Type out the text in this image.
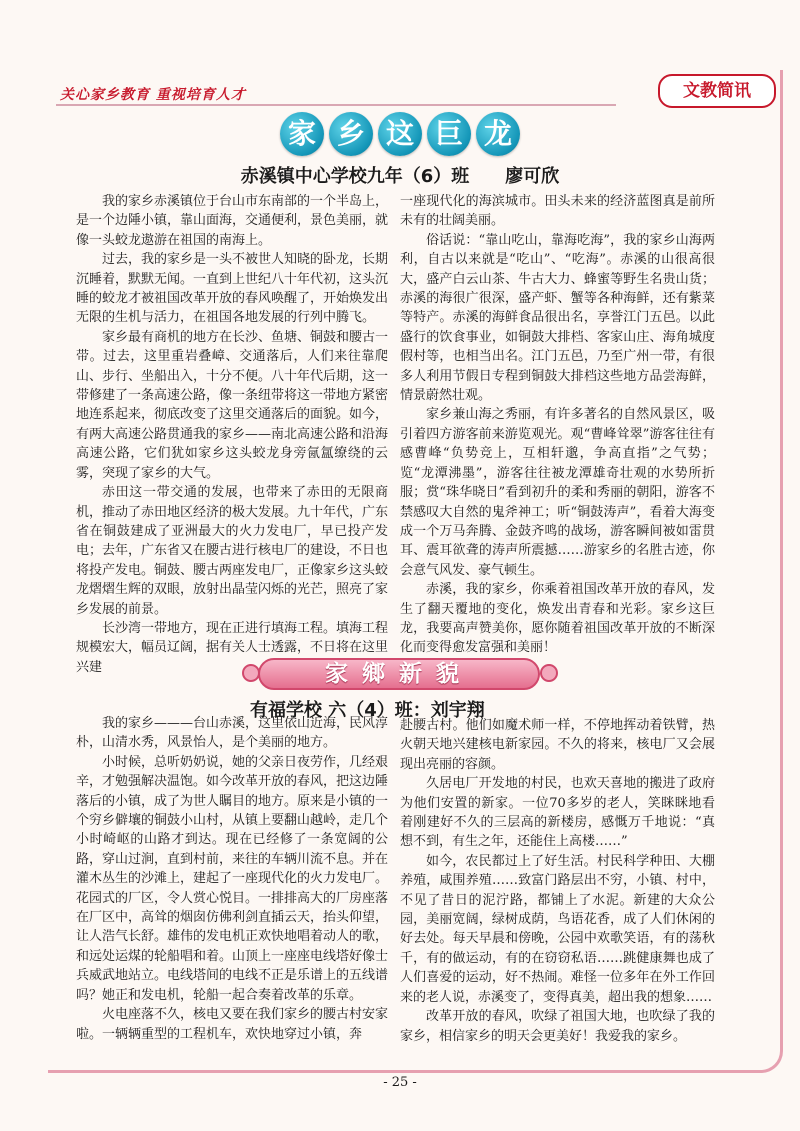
关心家乡教育 重视培育人才	文教简讯
家 乡 这 巨 龙
赤溪镇中心学校九年（6）班　　廖可欣

我的家乡赤溪镇位于台山市东南部的一个半岛上，是一个边陲小镇，靠山面海，交通便利，景色美丽，就像一头蛟龙遨游在祖国的南海上。

过去，我的家乡是一头不被世人知晓的卧龙，长期沉睡着，默默无闻。一直到上世纪八十年代初，这头沉睡的蛟龙才被祖国改革开放的春风唤醒了，开始焕发出无限的生机与活力，在祖国各地发展的行列中腾飞。

家乡最有商机的地方在长沙、鱼塘、铜鼓和腰古一带。过去，这里重岩叠嶂、交通落后，人们来往靠爬山、步行、坐船出入，十分不便。八十年代后期，这一带修建了一条高速公路，像一条纽带将这一带地方紧密地连系起来，彻底改变了这里交通落后的面貌。如今，有两大高速公路贯通我的家乡——南北高速公路和沿海高速公路，它们犹如家乡这头蛟龙身旁氤氲缭绕的云雾，突现了家乡的大气。

赤田这一带交通的发展，也带来了赤田的无限商机，推动了赤田地区经济的极大发展。九十年代，广东省在铜鼓建成了亚洲最大的火力发电厂，早已投产发电；去年，广东省又在腰古进行核电厂的建设，不日也将投产发电。铜鼓、腰古两座发电厂，正像家乡这头蛟龙熠熠生辉的双眼，放射出晶莹闪烁的光芒，照亮了家乡发展的前景。

长沙湾一带地方，现在正进行填海工程。填海工程规模宏大，幅员辽阔，据有关人士透露，不日将在这里兴建

一座现代化的海滨城市。田头未来的经济蓝图真是前所未有的壮阔美丽。

俗话说：“靠山吃山，靠海吃海”，我的家乡山海两利，自古以来就是“吃山”、“吃海”。赤溪的山很高很大，盛产白云山茶、牛古大力、蜂蜜等野生名贵山货；赤溪的海很广很深，盛产虾、蟹等各种海鲜，还有紫菜等特产。赤溪的海鲜食品很出名，享誉江门五邑。以此盛行的饮食事业，如铜鼓大排档、客家山庄、海角城度假村等，也相当出名。江门五邑，乃至广州一带，有很多人利用节假日专程到铜鼓大排档这些地方品尝海鲜，情景蔚然壮观。

家乡兼山海之秀丽，有许多著名的自然风景区，吸引着四方游客前来游览观光。观“曹峰耸翠”游客往往有感曹峰“负势竞上，互相轩邈，争高直指”之气势；览“龙潭沸墨”，游客往往被龙潭雄奇壮观的水势所折服；赏“珠华晓日”看到初升的柔和秀丽的朝阳，游客不禁感叹大自然的鬼斧神工；听“铜鼓涛声”，看着大海变成一个万马奔腾、金鼓齐鸣的战场，游客瞬间被如雷贯耳、震耳欲聋的涛声所震撼……游家乡的名胜古迹，你会意气风发、豪气顿生。

赤溪，我的家乡，你乘着祖国改革开放的春风，发生了翻天覆地的变化，焕发出青春和光彩。家乡这巨龙，我要高声赞美你，愿你随着祖国改革开放的不断深化而变得愈发富强和美丽！

家鄉新貌
有福学校 六（4）班：刘宇翔

我的家乡———台山赤溪，这里依山近海，民风淳朴，山清水秀，风景怡人，是个美丽的地方。

小时候，总听奶奶说，她的父亲日夜劳作，几经艰辛，才勉强解决温饱。如今改革开放的春风，把这边陲落后的小镇，成了为世人瞩目的地方。原来是小镇的一个穷乡僻壤的铜鼓小山村，从镇上要翻山越岭，走几个小时崎岖的山路才到达。现在已经修了一条宽阔的公路，穿山过涧，直到村前，来往的车辆川流不息。并在灌木丛生的沙滩上，建起了一座现代化的火力发电厂。花园式的厂区，令人赏心悦目。一排排高大的厂房座落在厂区中，高耸的烟囱仿佛利剑直插云天，抬头仰望，让人浩气长舒。雄伟的发电机正欢快地唱着动人的歌，和远处运煤的轮船唱和着。山顶上一座座电线塔好像士兵威武地站立。电线塔间的电线不正是乐谱上的五线谱吗？她正和发电机，轮船一起合奏着改革的乐章。

火电座落不久，核电又要在我们家乡的腰古村安家啦。一辆辆重型的工程机车，欢快地穿过小镇，奔

赴腰古村。他们如魔术师一样，不停地挥动着铁臂，热火朝天地兴建核电新家园。不久的将来，核电厂又会展现出亮丽的容颜。

久居电厂开发地的村民，也欢天喜地的搬进了政府为他们安置的新家。一位70多岁的老人，笑眯眯地看着刚建好不久的三层高的新楼房，感慨万千地说：“真想不到，有生之年，还能住上高楼……”

如今，农民都过上了好生活。村民科学种田、大棚养殖，咸围养殖……致富门路层出不穷，小镇、村中，不见了昔日的泥泞路，都铺上了水泥。新建的大众公园，美丽宽阔，绿树成荫，鸟语花香，成了人们休闲的好去处。每天早晨和傍晚，公园中欢歌笑语，有的荡秋千，有的做运动，有的在窃窃私语……跳健康舞也成了人们喜爱的运动，好不热闹。难怪一位多年在外工作回来的老人说，赤溪变了，变得真美，超出我的想象……

改革开放的春风，吹绿了祖国大地，也吹绿了我的家乡，相信家乡的明天会更美好！我爱我的家乡。

- 25 -
